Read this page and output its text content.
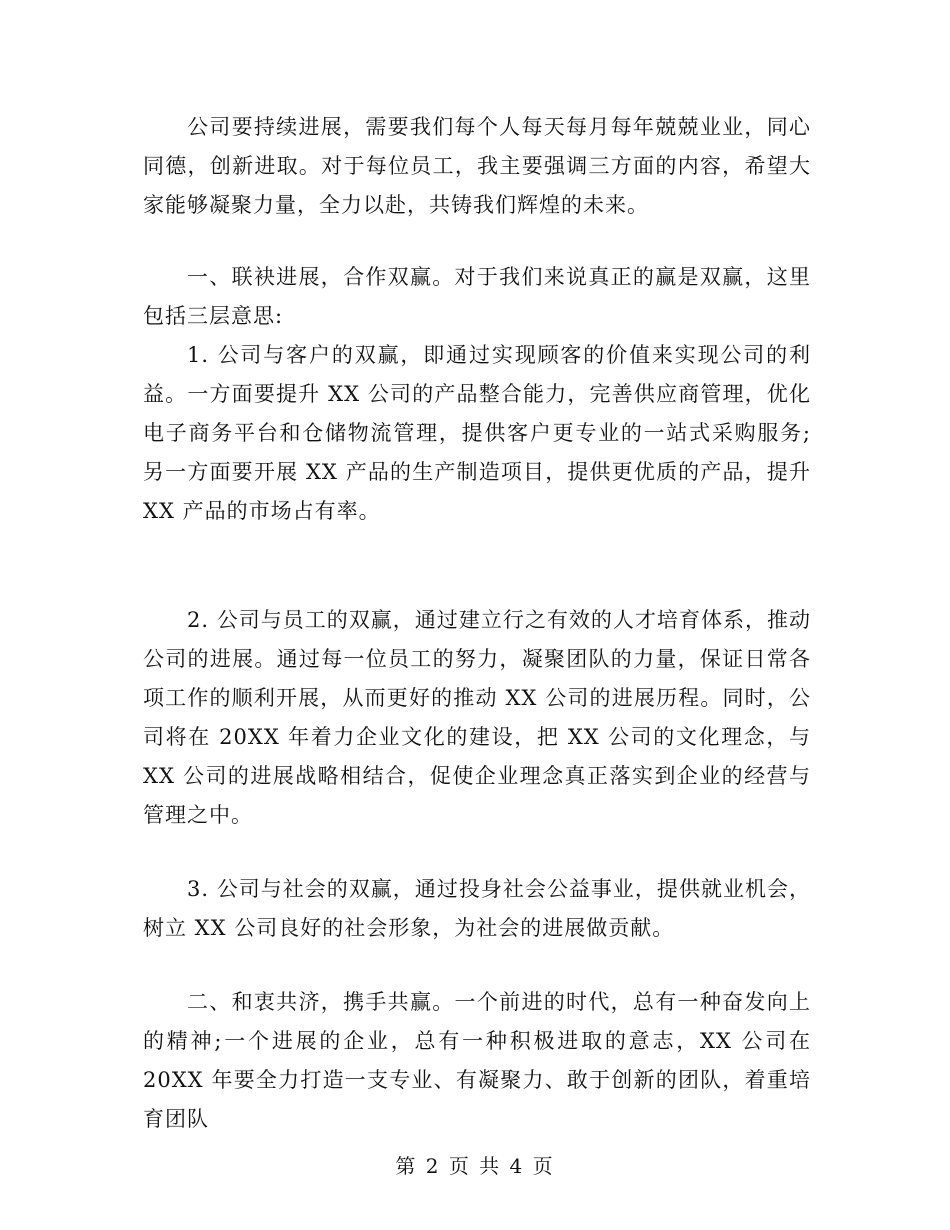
公司要持续进展，需要我们每个人每天每月每年兢兢业业，同心同德，创新进取。对于每位员工，我主要强调三方面的内容，希望大家能够凝聚力量，全力以赴，共铸我们辉煌的未来。

一、联袂进展，合作双赢。对于我们来说真正的赢是双赢，这里包括三层意思:

1. 公司与客户的双赢，即通过实现顾客的价值来实现公司的利益。一方面要提升 XX 公司的产品整合能力，完善供应商管理，优化电子商务平台和仓储物流管理，提供客户更专业的一站式采购服务;另一方面要开展 XX 产品的生产制造项目，提供更优质的产品，提升 XX 产品的市场占有率。

2. 公司与员工的双赢，通过建立行之有效的人才培育体系，推动公司的进展。通过每一位员工的努力，凝聚团队的力量，保证日常各项工作的顺利开展，从而更好的推动 XX 公司的进展历程。同时，公司将在 20XX 年着力企业文化的建设，把 XX 公司的文化理念，与 XX 公司的进展战略相结合，促使企业理念真正落实到企业的经营与管理之中。

3. 公司与社会的双赢，通过投身社会公益事业，提供就业机会，树立 XX 公司良好的社会形象，为社会的进展做贡献。

二、和衷共济，携手共赢。一个前进的时代，总有一种奋发向上的精神;一个进展的企业，总有一种积极进取的意志，XX 公司在 20XX 年要全力打造一支专业、有凝聚力、敢于创新的团队，着重培育团队

第 2 页 共 4 页
